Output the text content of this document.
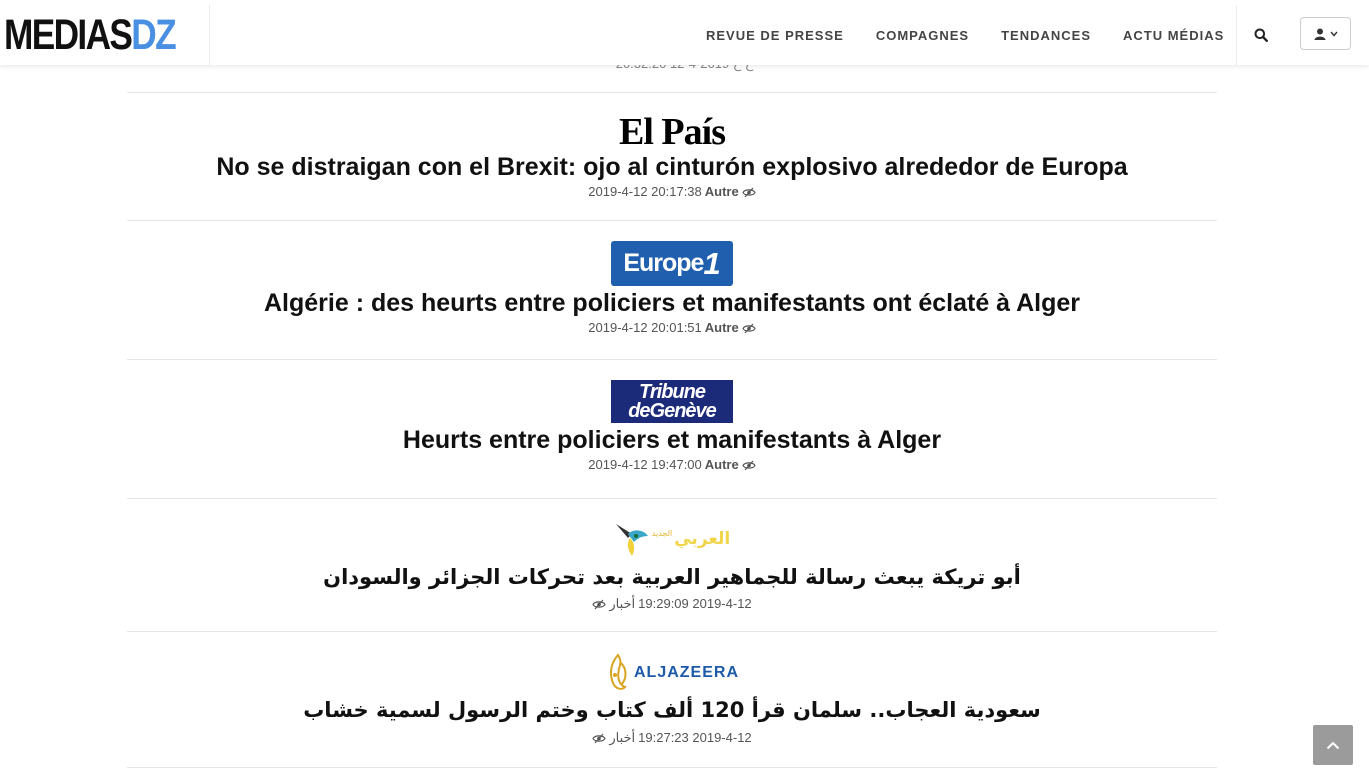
MEDIASDZ	REVUE DE PRESSE	COMPAGNES	TENDANCES	ACTU MÉDIAS
El País
No se distraigan con el Brexit: ojo al cinturón explosivo alrededor de Europa
2019-4-12 20:17:38 Autre
Europe 1
Algérie : des heurts entre policiers et manifestants ont éclaté à Alger
2019-4-12 20:01:51 Autre
Tribune
deGenève
Heurts entre policiers et manifestants à Alger
2019-4-12 19:47:00 Autre
العربي
الجديد
أبو تريكة يبعث رسالة للجماهير العربية بعد تحركات الجزائر والسودان
2019-4-12 19:29:09
أخبار
ALJAZEERA
سعودية العجاب.. سلمان قرأ 120 ألف كتاب وختم الرسول لسمية خشاب
2019-4-12 19:27:23
أخبار
